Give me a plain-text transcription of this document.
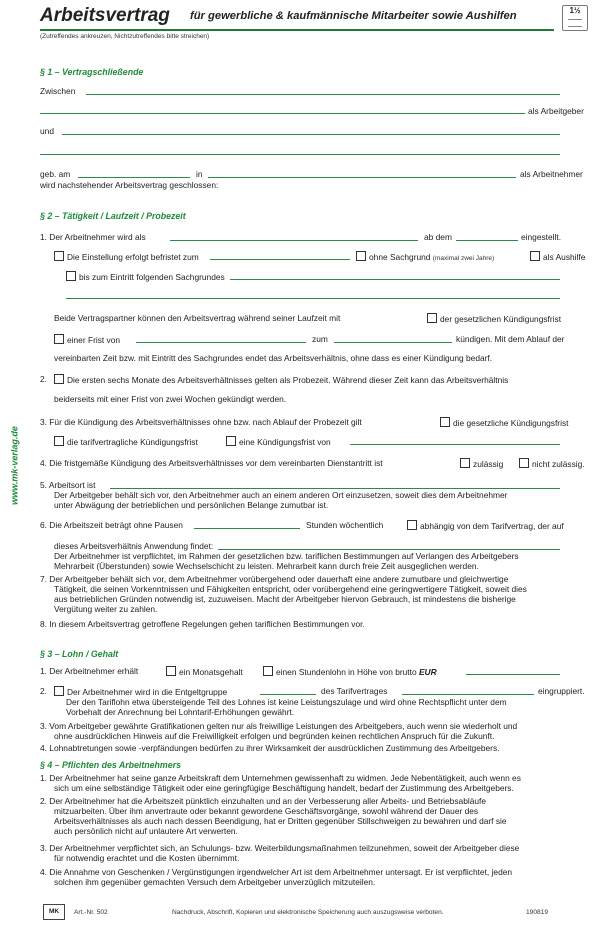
Arbeitsvertrag für gewerbliche & kaufmännische Mitarbeiter sowie Aushilfen	1½
(Zutreffendes ankreuzen, Nichtzutreffendes bitte streichen)
www.mk-verlag.de
§ 1 – Vertragschließende
Zwischen
als Arbeitgeber
und
geb. am	in	als Arbeitnehmer
wird nachstehender Arbeitsvertrag geschlossen:
§ 2 – Tätigkeit / Laufzeit / Probezeit
1. Der Arbeitnehmer wird als	ab dem	eingestellt.
Die Einstellung erfolgt befristet zum	ohne Sachgrund (maximal zwei Jahre)	als Aushilfe
bis zum Eintritt folgenden Sachgrundes
Beide Vertragspartner können den Arbeitsvertrag während seiner Laufzeit mit	der gesetzlichen Kündigungsfrist
einer Frist von	zum	kündigen. Mit dem Ablauf der
vereinbarten Zeit bzw. mit Eintritt des Sachgrundes endet das Arbeitsverhältnis, ohne dass es einer Kündigung bedarf.
2.	Die ersten sechs Monate des Arbeitsverhältnisses gelten als Probezeit. Während dieser Zeit kann das Arbeitsverhältnis
beiderseits mit einer Frist von zwei Wochen gekündigt werden.
3. Für die Kündigung des Arbeitsverhältnisses ohne bzw. nach Ablauf der Probezeit gilt	die gesetzliche Kündigungsfrist
die tarifvertragliche Kündigungsfrist	eine Kündigungsfrist von
4. Die fristgemäße Kündigung des Arbeitsverhältnisses vor dem vereinbarten Dienstantritt ist	zulässig	nicht zulässig.
5. Arbeitsort ist
Der Arbeitgeber behält sich vor, den Arbeitnehmer auch an einem anderen Ort einzusetzen, soweit dies dem Arbeitnehmer
unter Abwägung der betrieblichen und persönlichen Belange zumutbar ist.
6. Die Arbeitszeit beträgt ohne Pausen	Stunden wöchentlich	abhängig von dem Tarifvertrag, der auf
dieses Arbeitsverhältnis Anwendung findet:
Der Arbeitnehmer ist verpflichtet, im Rahmen der gesetzlichen bzw. tariflichen Bestimmungen auf Verlangen des Arbeitgebers
Mehrarbeit (Überstunden) sowie Wechselschicht zu leisten. Mehrarbeit kann durch freie Zeit ausgeglichen werden.
7. Der Arbeitgeber behält sich vor, dem Arbeitnehmer vorübergehend oder dauerhaft eine andere zumutbare und gleichwertige
Tätigkeit, die seinen Vorkenntnissen und Fähigkeiten entspricht, oder vorübergehend eine geringwertigere Tätigkeit, soweit dies
aus betrieblichen Gründen notwendig ist, zuzuweisen. Macht der Arbeitgeber hiervon Gebrauch, ist mindestens die bisherige
Vergütung weiter zu zahlen.
8. In diesem Arbeitsvertrag getroffene Regelungen gehen tariflichen Bestimmungen vor.
§ 3 – Lohn / Gehalt
1. Der Arbeitnehmer erhält	ein Monatsgehalt	einen Stundenlohn in Höhe von brutto EUR
2.	Der Arbeitnehmer wird in die Entgeltgruppe	des Tarifvertrages	eingruppiert.
Der den Tariflohn etwa übersteigende Teil des Lohnes ist keine Leistungszulage und wird ohne Rechtspflicht unter dem
Vorbehalt der Anrechnung bei Lohntarif-Erhöhungen gewährt.
3. Vom Arbeitgeber gewährte Gratifikationen gelten nur als freiwillige Leistungen des Arbeitgebers, auch wenn sie wiederholt und
ohne ausdrücklichen Hinweis auf die Freiwilligkeit erfolgen und begründen keinen rechtlichen Anspruch für die Zukunft.
4. Lohnabtretungen sowie -verpfändungen bedürfen zu ihrer Wirksamkeit der ausdrücklichen Zustimmung des Arbeitgebers.
§ 4 – Pflichten des Arbeitnehmers
1. Der Arbeitnehmer hat seine ganze Arbeitskraft dem Unternehmen gewissenhaft zu widmen. Jede Nebentätigkeit, auch wenn es
sich um eine selbständige Tätigkeit oder eine geringfügige Beschäftigung handelt, bedarf der Zustimmung des Arbeitgebers.
2. Der Arbeitnehmer hat die Arbeitszeit pünktlich einzuhalten und an der Verbesserung aller Arbeits- und Betriebsabläufe
mitzuarbeiten. Über ihm anvertraute oder bekannt gewordene Geschäftsvorgänge, sowohl während der Dauer des
Arbeitsverhältnisses als auch nach dessen Beendigung, hat er Dritten gegenüber Stillschweigen zu bewahren und darf sie
auch persönlich nicht auf unlautere Art verwerten.
3. Der Arbeitnehmer verpflichtet sich, an Schulungs- bzw. Weiterbildungsmaßnahmen teilzunehmen, soweit der Arbeitgeber diese
für notwendig erachtet und die Kosten übernimmt.
4. Die Annahme von Geschenken / Vergünstigungen irgendwelcher Art ist dem Arbeitnehmer untersagt. Er ist verpflichtet, jeden
solchen ihm gegenüber gemachten Versuch dem Arbeitgeber unverzüglich mitzuteilen.
MK	Art.-Nr. 502	Nachdruck, Abschrift, Kopieren und elektronische Speicherung auch auszugsweise verboten.	190819
